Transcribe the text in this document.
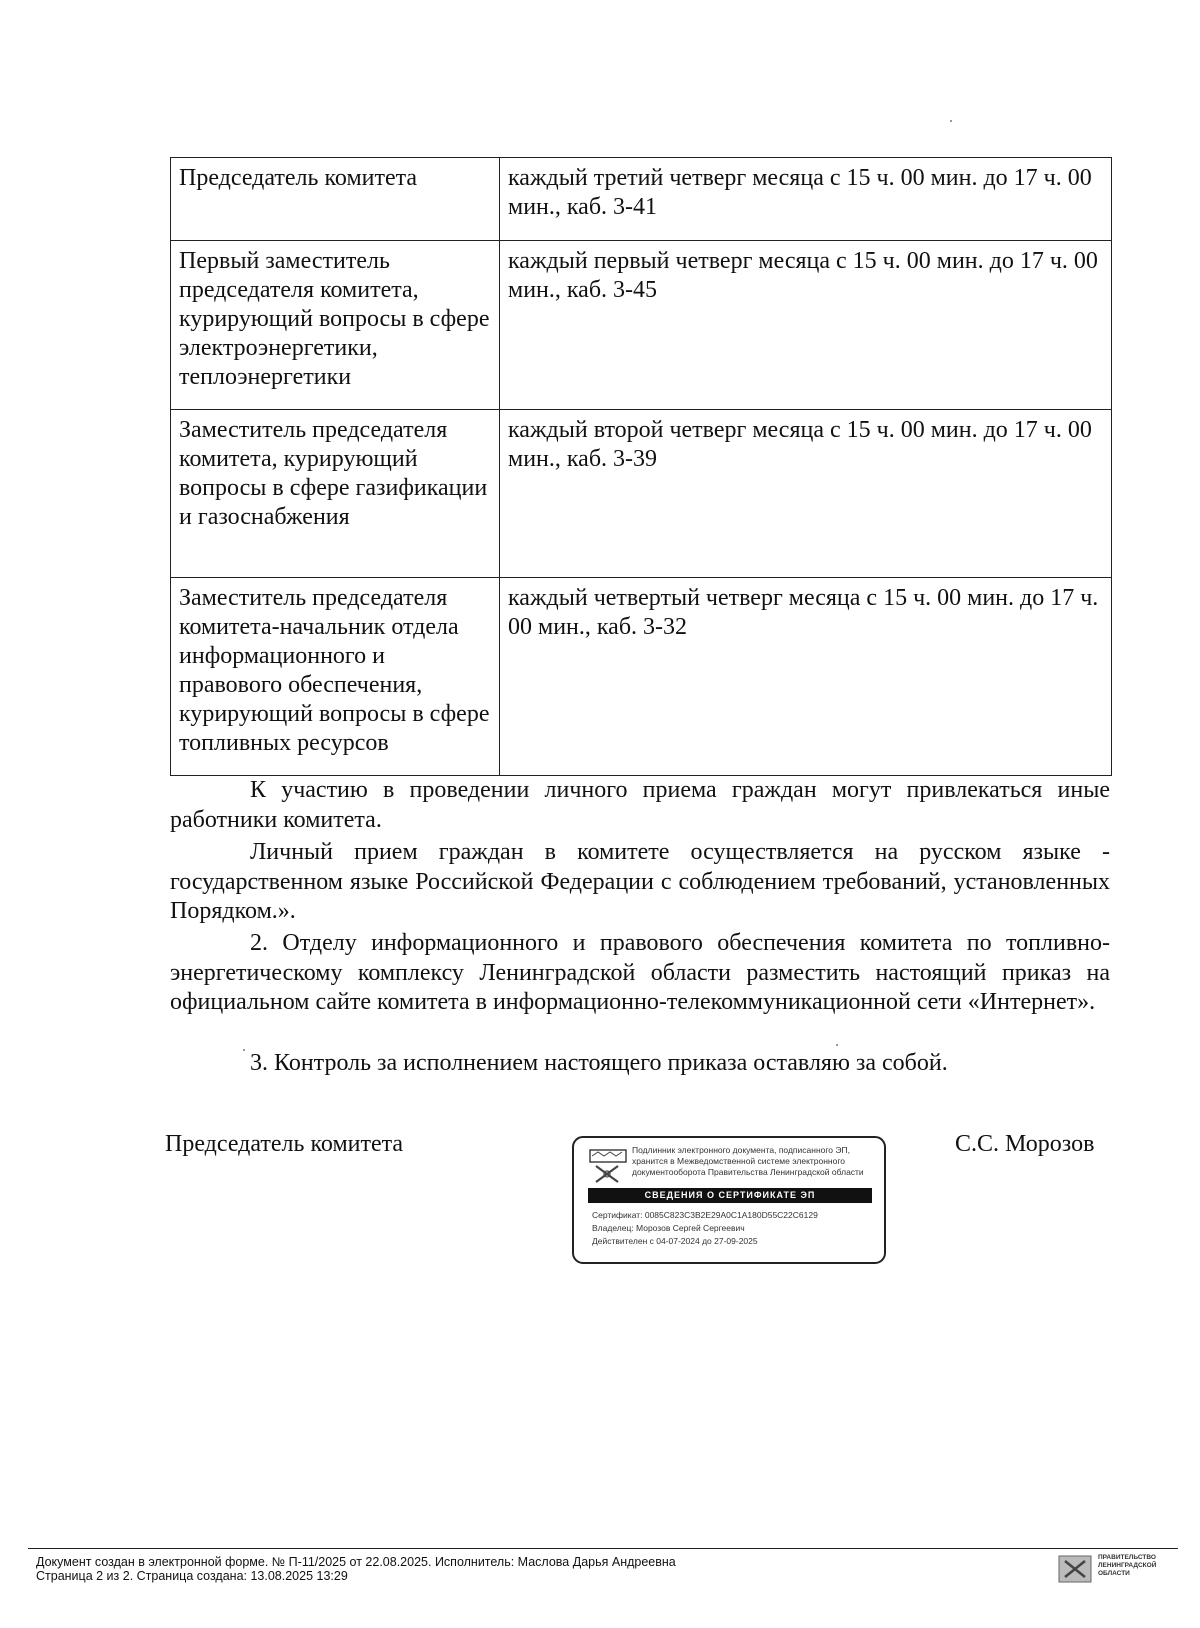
Председатель комитета	каждый третий четверг месяца с 15 ч. 00 мин. до 17 ч. 00 мин., каб. 3-41
Первый заместитель председателя комитета, курирующий вопросы в сфере электроэнергетики, теплоэнергетики	каждый первый четверг месяца с 15 ч. 00 мин. до 17 ч. 00 мин., каб. 3-45
Заместитель председателя комитета, курирующий вопросы в сфере газификации и газоснабжения	каждый второй четверг месяца с 15 ч. 00 мин. до 17 ч. 00 мин., каб. 3-39
Заместитель председателя комитета-начальник отдела информационного и правового обеспечения, курирующий вопросы в сфере топливных ресурсов	каждый четвертый четверг месяца с 15 ч. 00 мин. до 17 ч. 00 мин., каб. 3-32

К участию в проведении личного приема граждан могут привлекаться иные работники комитета.

Личный прием граждан в комитете осуществляется на русском языке - государственном языке Российской Федерации с соблюдением требований, установленных Порядком.».

2. Отделу информационного и правового обеспечения комитета по топливно-энергетическому комплексу Ленинградской области разместить настоящий приказ на официальном сайте комитета в информационно-телекоммуникационной сети «Интернет».

3. Контроль за исполнением настоящего приказа оставляю за собой.

Председатель комитета	С.С. Морозов
Подлинник электронного документа, подписанного ЭП,
хранится в Межведомственной системе электронного
документооборота Правительства Ленинградской области
СВЕДЕНИЯ О СЕРТИФИКАТЕ ЭП
Сертификат: 0085C823C3B2E29A0C1A180D55C22C6129
Владелец: Морозов Сергей Сергеевич
Действителен с 04-07-2024 до 27-09-2025
Документ создан в электронной форме. № П-11/2025 от 22.08.2025. Исполнитель: Маслова Дарья Андреевна
Страница 2 из 2. Страница создана: 13.08.2025 13:29
ПРАВИТЕЛЬСТВО
ЛЕНИНГРАДСКОЙ
ОБЛАСТИ
